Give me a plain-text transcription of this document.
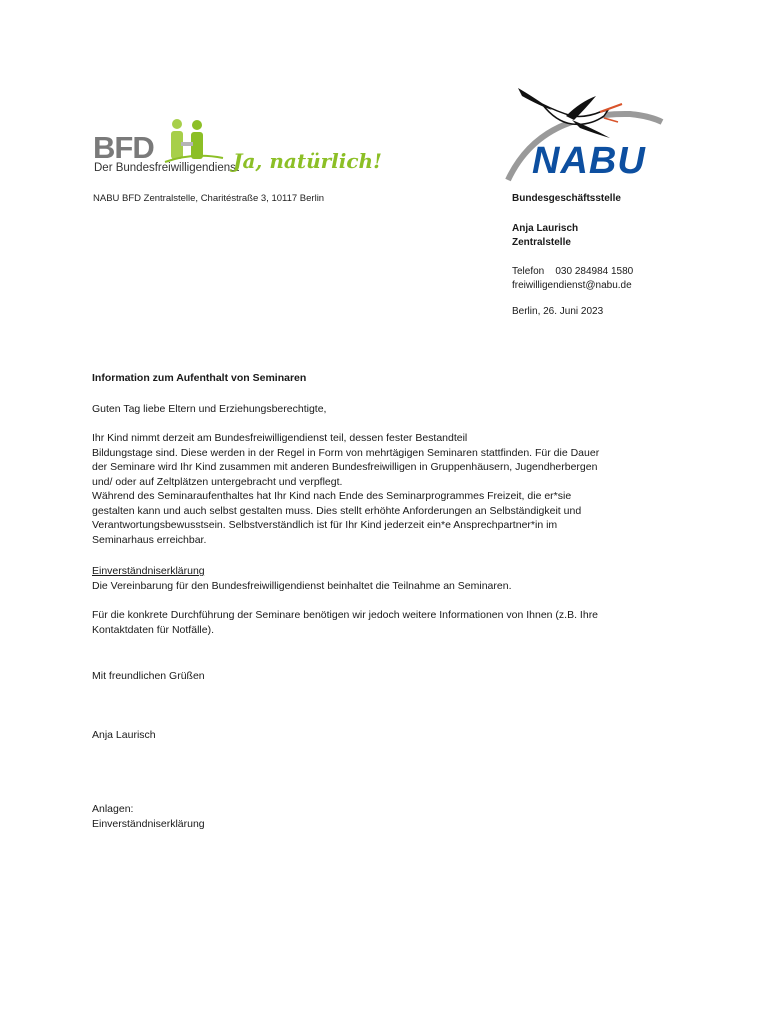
BFD
Der Bundesfreiwilligendienst
Ja, natürlich!
NABU BFD Zentralstelle, Charitéstraße 3, 10117 Berlin
NABU
Bundesgeschäftsstelle
Anja Laurisch
Zentralstelle
Telefon 030 284984 1580
freiwilligendienst@nabu.de
Berlin, 26. Juni 2023
Information zum Aufenthalt von Seminaren
Guten Tag liebe Eltern und Erziehungsberechtigte,
Ihr Kind nimmt derzeit am Bundesfreiwilligendienst teil, dessen fester Bestandteil
Bildungstage sind. Diese werden in der Regel in Form von mehrtägigen Seminaren stattfinden. Für die Dauer
der Seminare wird Ihr Kind zusammen mit anderen Bundesfreiwilligen in Gruppenhäusern, Jugendherbergen
und/ oder auf Zeltplätzen untergebracht und verpflegt.
Während des Seminaraufenthaltes hat Ihr Kind nach Ende des Seminarprogrammes Freizeit, die er*sie
gestalten kann und auch selbst gestalten muss. Dies stellt erhöhte Anforderungen an Selbständigkeit und
Verantwortungsbewusstsein. Selbstverständlich ist für Ihr Kind jederzeit ein*e Ansprechpartner*in im
Seminarhaus erreichbar.
Einverständniserklärung
Die Vereinbarung für den Bundesfreiwilligendienst beinhaltet die Teilnahme an Seminaren.
Für die konkrete Durchführung der Seminare benötigen wir jedoch weitere Informationen von Ihnen (z.B. Ihre
Kontaktdaten für Notfälle).
Mit freundlichen Grüßen
Anja Laurisch
Anlagen:
Einverständniserklärung
